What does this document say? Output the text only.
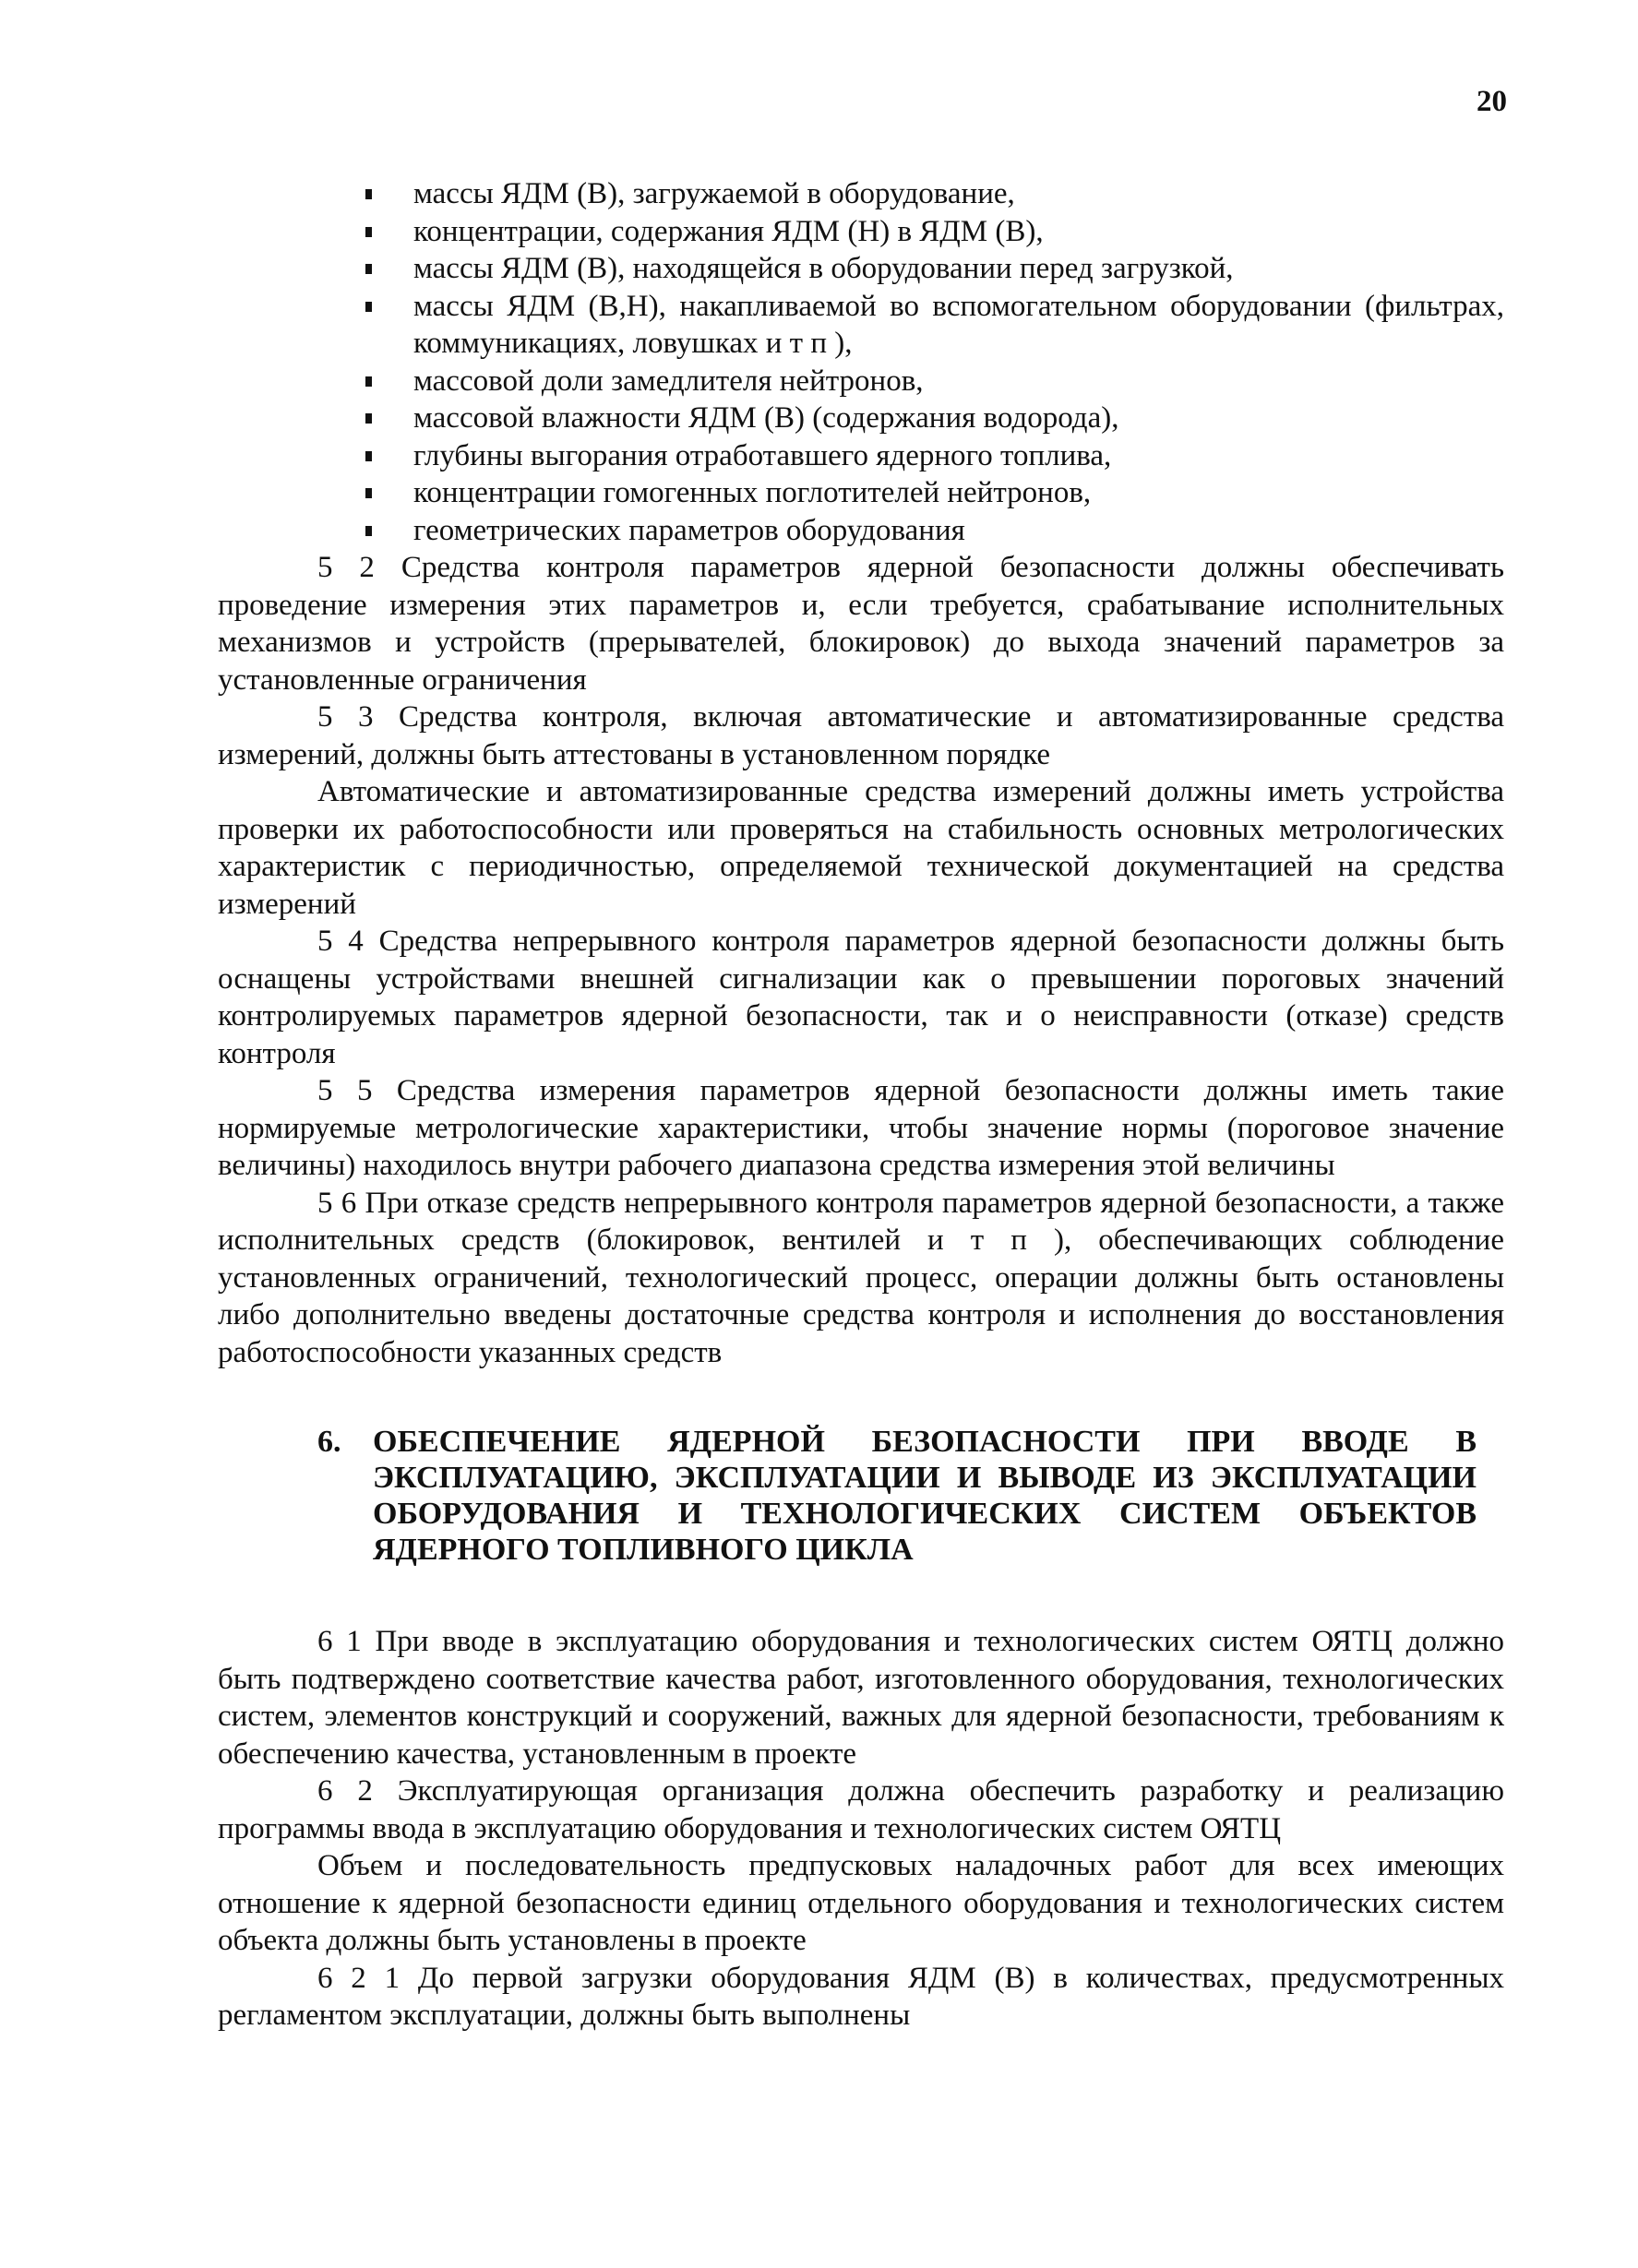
20
массы ЯДМ (В), загружаемой в оборудование,
концентрации, содержания ЯДМ (Н) в ЯДМ (В),
массы ЯДМ (В), находящейся в оборудовании перед загрузкой,
массы ЯДМ (В,Н), накапливаемой во вспомогательном оборудовании (фильтрах, коммуникациях, ловушках и т п ),
массовой доли замедлителя нейтронов,
массовой влажности ЯДМ (В) (содержания водорода),
глубины выгорания отработавшего ядерного топлива,
концентрации гомогенных поглотителей нейтронов,
геометрических параметров оборудования

5 2 Средства контроля параметров ядерной безопасности должны обеспечивать проведение измерения этих параметров и, если требуется, срабатывание исполнительных механизмов и устройств (прерывателей, блокировок) до выхода значений параметров за установленные ограничения

5 3 Средства контроля, включая автоматические и автоматизированные средства измерений, должны быть аттестованы в установленном порядке

Автоматические и автоматизированные средства измерений должны иметь устройства проверки их работоспособности или проверяться на стабильность основных метрологических характеристик с периодичностью, определяемой технической документацией на средства измерений

5 4 Средства непрерывного контроля параметров ядерной безопасности должны быть оснащены устройствами внешней сигнализации как о превышении пороговых значений контролируемых параметров ядерной безопасности, так и о неисправности (отказе) средств контроля

5 5 Средства измерения параметров ядерной безопасности должны иметь такие нормируемые метрологические характеристики, чтобы значение нормы (пороговое значение величины) находилось внутри рабочего диапазона средства измерения этой величины

5 6 При отказе средств непрерывного контроля параметров ядерной безопасности, а также исполнительных средств (блокировок, вентилей и т п ), обеспечивающих соблюдение установленных ограничений, технологический процесс, операции должны быть остановлены либо дополнительно введены достаточные средства контроля и исполнения до восстановления работоспособности указанных средств

6. ОБЕСПЕЧЕНИЕ ЯДЕРНОЙ БЕЗОПАСНОСТИ ПРИ ВВОДЕ В ЭКСПЛУАТАЦИЮ, ЭКСПЛУАТАЦИИ И ВЫВОДЕ ИЗ ЭКСПЛУАТАЦИИ ОБОРУДОВАНИЯ И ТЕХНОЛОГИЧЕСКИХ СИСТЕМ ОБЪЕКТОВ ЯДЕРНОГО ТОПЛИВНОГО ЦИКЛА

6 1 При вводе в эксплуатацию оборудования и технологических систем ОЯТЦ должно быть подтверждено соответствие качества работ, изготовленного оборудования, технологических систем, элементов конструкций и сооружений, важных для ядерной безопасности, требованиям к обеспечению качества, установленным в проекте

6 2 Эксплуатирующая организация должна обеспечить разработку и реализацию программы ввода в эксплуатацию оборудования и технологических систем ОЯТЦ

Объем и последовательность предпусковых наладочных работ для всех имеющих отношение к ядерной безопасности единиц отдельного оборудования и технологических систем объекта должны быть установлены в проекте

6 2 1 До первой загрузки оборудования ЯДМ (В) в количествах, предусмотренных регламентом эксплуатации, должны быть выполнены
